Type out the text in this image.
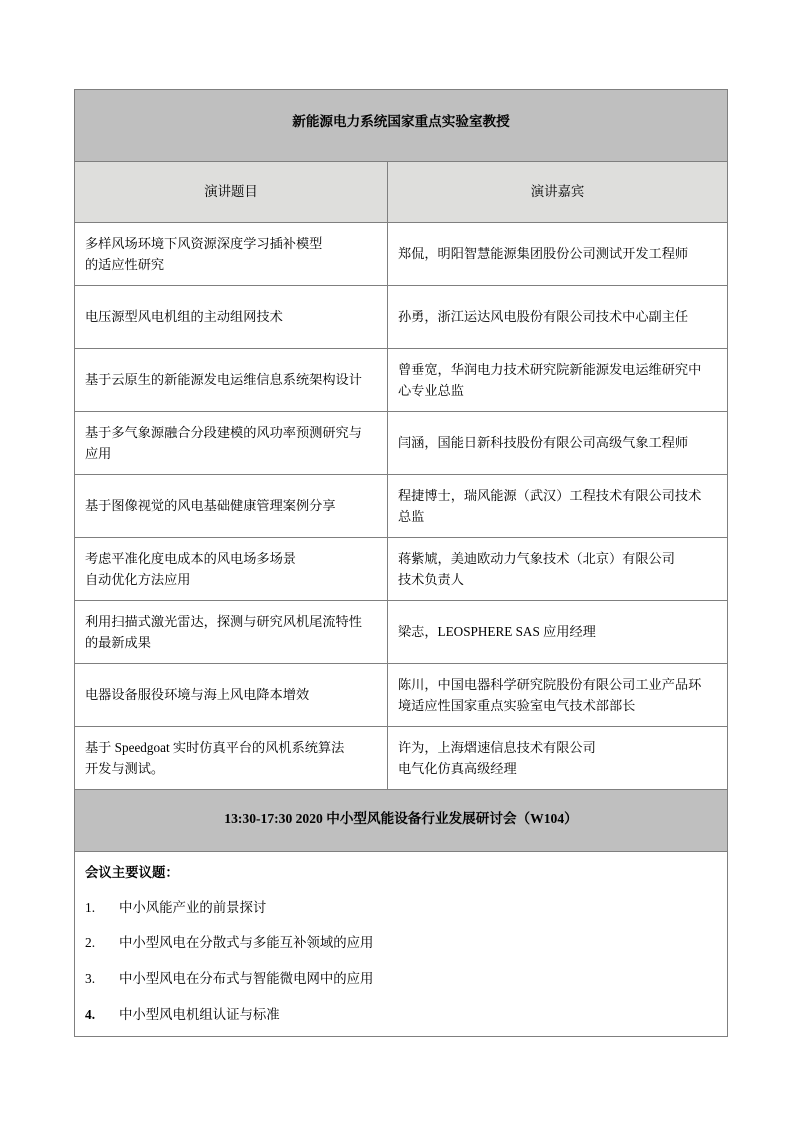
新能源电力系统国家重点实验室教授	
演讲题目	演讲嘉宾

多样风场环境下风资源深度学习插补模型
的适应性研究	郑侃，明阳智慧能源集团股份公司测试开发工程师

电压源型风电机组的主动组网技术	孙勇，浙江运达风电股份有限公司技术中心副主任

基于云原生的新能源发电运维信息系统架构设计	曾垂宽，华润电力技术研究院新能源发电运维研究中
心专业总监

基于多气象源融合分段建模的风功率预测研究与
应用	闫涵，国能日新科技股份有限公司高级气象工程师

基于图像视觉的风电基础健康管理案例分享	程捷博士，瑞风能源（武汉）工程技术有限公司技术
总监

考虑平准化度电成本的风电场多场景
自动优化方法应用	蒋紫虓，美迪欧动力气象技术（北京）有限公司
技术负责人

利用扫描式激光雷达，探测与研究风机尾流特性
的最新成果	梁志，LEOSPHERE SAS 应用经理

电器设备服役环境与海上风电降本增效	陈川，中国电器科学研究院股份有限公司工业产品环
境适应性国家重点实验室电气技术部部长

基于 Speedgoat 实时仿真平台的风机系统算法
开发与测试。	许为，上海熠速信息技术有限公司
电气化仿真高级经理

13:30-17:30 2020 中小型风能设备行业发展研讨会（W104）	

会议主要议题：
1.	中小风能产业的前景探讨
2.	中小型风电在分散式与多能互补领域的应用
3.	中小型风电在分布式与智能微电网中的应用
4.	中小型风电机组认证与标准
